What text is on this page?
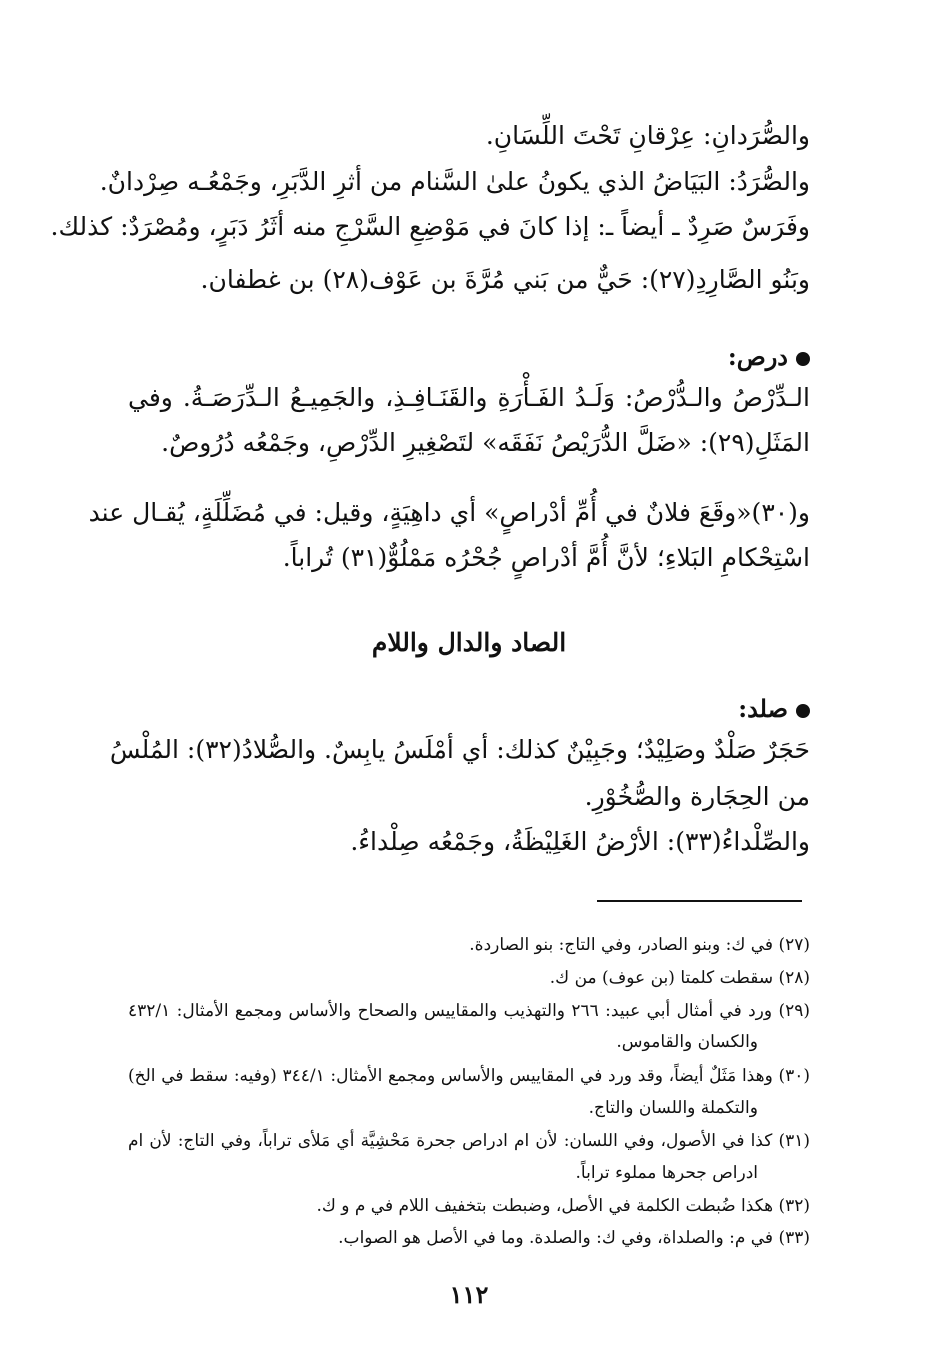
والصُّرَدانِ: عِرْقانِ تَحْتَ اللِّسَانِ.
والصُّرَدُ: البَيَاضُ الذي يكونُ علىٰ السَّنام من أثرِ الدَّبَرِ، وجَمْعُـه صِرْدانٌ.
وفَرَسٌ صَرِدٌ ـ أيضاً ـ: إذا كانَ في مَوْضِعِ السَّرْجِ منه أثَرُ دَبَرٍ، ومُصْرَدٌ: كذلك.
وبَنُو الصَّارِدِ(٢٧): حَيٌّ من بَني مُرَّةَ بن عَوْف(٢٨) بن غطفان.
درص:
الـدِّرْصُ والـدُّرْصُ: وَلَـدُ الفَـأْرَةِ والقَنَـافِـذِ، والجَمِيـعُ الـدِّرَصَـةُ. وفي
المَثَلِ(٢٩): «ضَلَّ الدُّرَيْصُ نَفَقَه» لتَصْغِيرِ الدِّرْصِ، وجَمْعُه دُرُوصٌ.
و(٣٠)«وقَعَ فلانٌ في أُمِّ أدْراصٍ» أي داهِيَةٍ، وقيل: في مُضَلِّلَةٍ، يُقـال عند
اسْتِحْكامِ البَلاءِ؛ لأنَّ أُمَّ أدْراصٍ جُحْرُه مَمْلُوٌّ(٣١) تُراباً.
الصاد والدال واللام
صلد:
حَجَرٌ صَلْدٌ وصَلِيْدٌ؛ وجَبِيْنٌ كذلك: أي أمْلَسُ يابِسٌ. والصُّلادُ(٣٢): المُلْسُ
من الحِجَارة والصُّخُوْرِ.
والصِّلْداءُ(٣٣): الأرْضُ الغَلِيْظَةُ، وجَمْعُه صِلْداءُ.
(٢٧) في ك: وبنو الصادر، وفي التاج: بنو الصاردة.
(٢٨) سقطت كلمتا (بن عوف) من ك.
(٢٩) ورد في أمثال أبي عبيد: ٢٦٦ والتهذيب والمقاييس والصحاح والأساس ومجمع الأمثال: ٤٣٢/١
والكسان والقاموس.
(٣٠) وهذا مَثَلٌ أيضاً، وقد ورد في المقاييس والأساس ومجمع الأمثال: ٣٤٤/١ (وفيه: سقط في الخ)
والتكملة واللسان والتاج.
(٣١) كذا في الأصول، وفي اللسان: لأن ام ادراص جحرة مَحْشِيَّة أي مَلأى تراباً، وفي التاج: لأن ام
ادراص جحرها مملوء تراباً.
(٣٢) هكذا ضُبطت الكلمة في الأصل، وضبطت بتخفيف اللام في م و ك.
(٣٣) في م: والصلداة، وفي ك: والصلدة. وما في الأصل هو الصواب.
١١٢
